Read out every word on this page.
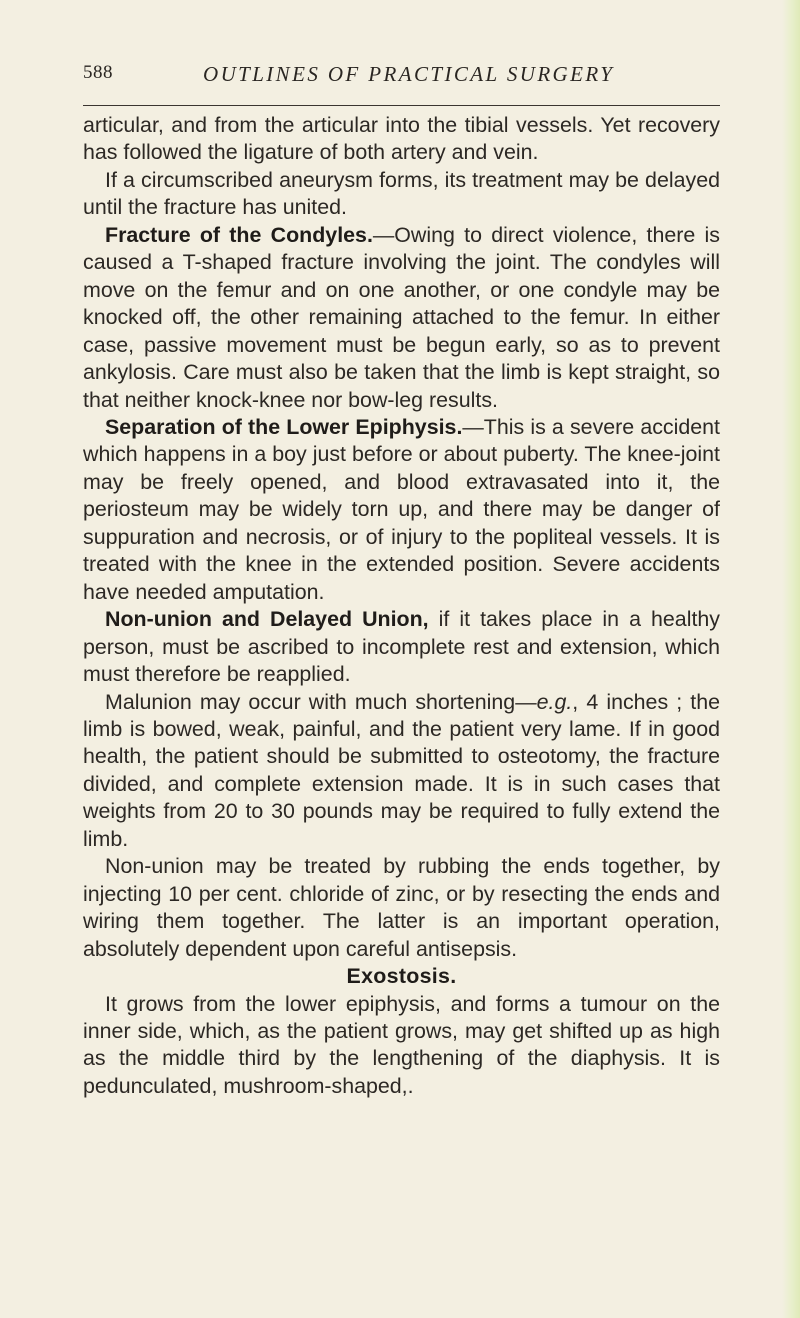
588	OUTLINES OF PRACTICAL SURGERY

articular, and from the articular into the tibial vessels. Yet recovery has followed the ligature of both artery and vein.

If a circumscribed aneurysm forms, its treatment may be delayed until the fracture has united.

Fracture of the Condyles.—Owing to direct violence, there is caused a T-shaped fracture involving the joint. The condyles will move on the femur and on one another, or one condyle may be knocked off, the other remaining attached to the femur. In either case, passive movement must be begun early, so as to prevent ankylosis. Care must also be taken that the limb is kept straight, so that neither knock-knee nor bow-leg results.

Separation of the Lower Epiphysis.—This is a severe accident which happens in a boy just before or about puberty. The knee-joint may be freely opened, and blood extravasated into it, the periosteum may be widely torn up, and there may be danger of suppuration and necrosis, or of injury to the popliteal vessels. It is treated with the knee in the extended position. Severe accidents have needed amputation.

Non-union and Delayed Union, if it takes place in a healthy person, must be ascribed to incomplete rest and extension, which must therefore be reapplied.

Malunion may occur with much shortening—e.g., 4 inches ; the limb is bowed, weak, painful, and the patient very lame. If in good health, the patient should be submitted to osteotomy, the fracture divided, and complete extension made. It is in such cases that weights from 20 to 30 pounds may be required to fully extend the limb.

Non-union may be treated by rubbing the ends together, by injecting 10 per cent. chloride of zinc, or by resecting the ends and wiring them together. The latter is an important operation, absolutely dependent upon careful antisepsis.

Exostosis.

It grows from the lower epiphysis, and forms a tumour on the inner side, which, as the patient grows, may get shifted up as high as the middle third by the lengthening of the diaphysis. It is pedunculated, mushroom-shaped,.
